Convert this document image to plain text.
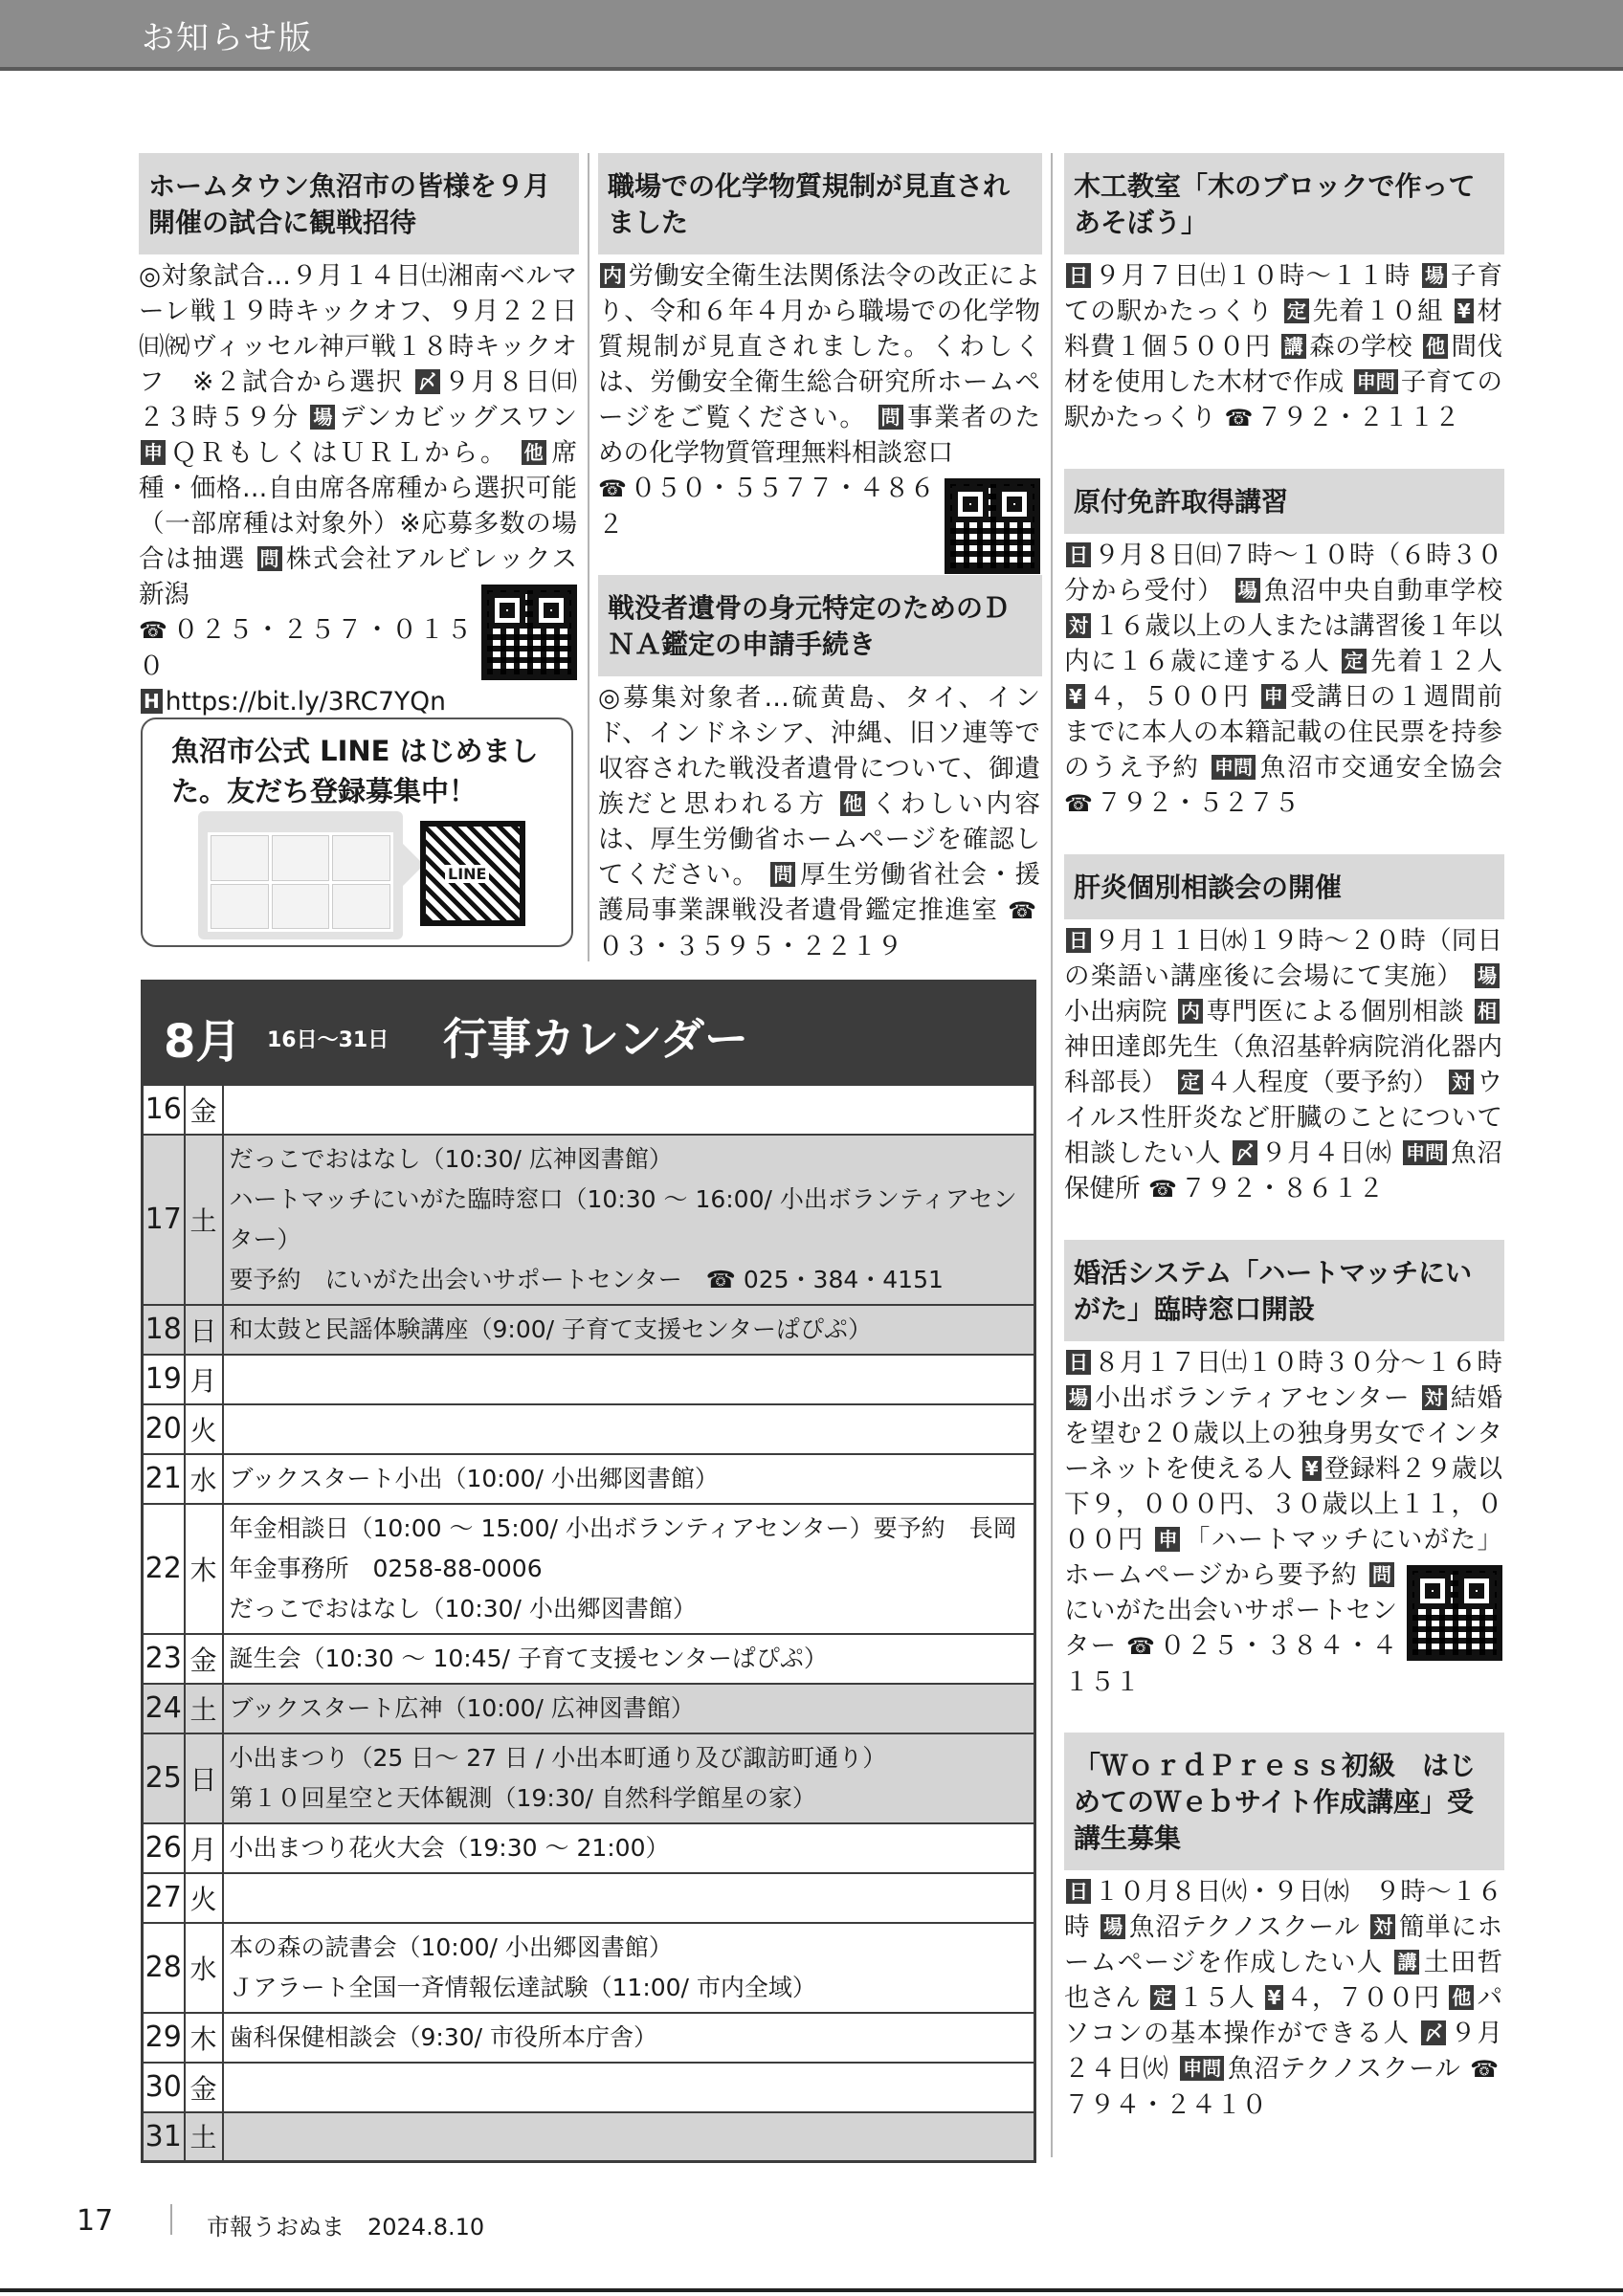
お知らせ版
ホームタウン魚沼市の皆様を９月開催の試合に観戦招待
◎対象試合…９月１４日㈯湘南ベルマーレ戦１９時キックオフ、９月２２日㈰㈷ヴィッセル神戸戦１８時キックオフ　※２試合から選択 〆 ９月８日㈰２３時５９分 場 デンカビッグスワン 申 ＱＲもしくはＵＲＬから。 他 席種・価格…自由席各席種から選択可能（一部席種は対象外）※応募多数の場合は抽選 問 株式会社アルビレックス新潟

☎ ０２５・２５７・０１５０
H https://bit.ly/3RC7YQn
魚沼市公式 LINE はじめました。友だち登録募集中！
LINE
職場での化学物質規制が見直されました
内 労働安全衛生法関係法令の改正により、令和６年４月から職場での化学物質規制が見直されました。くわしくは、労働安全衛生総合研究所ホームページをご覧ください。 問 事業者のための化学物質管理無料相談窓口

☎ ０５０・５５７７・４８６２
戦没者遺骨の身元特定のためのＤＮＡ鑑定の申請手続き
◎募集対象者…硫黄島、タイ、インド、インドネシア、沖縄、旧ソ連等で収容された戦没者遺骨について、御遺族だと思われる方 他 くわしい内容は、厚生労働省ホームページを確認してください。 問 厚生労働省社会・援護局事業課戦没者遺骨鑑定推進室 ☎０３・３５９５・２２１９
木工教室「木のブロックで作ってあそぼう」
日 ９月７日㈯１０時～１１時 場 子育ての駅かたっくり 定 先着１０組 ¥ 材料費１個５００円 講 森の学校 他 間伐材を使用した木材で作成 申問 子育ての駅かたっくり ☎ ７９２・２１１２
原付免許取得講習
日 ９月８日㈰７時～１０時（６時３０分から受付） 場 魚沼中央自動車学校 対 １６歳以上の人または講習後１年以内に１６歳に達する人 定 先着１２人 ¥ ４，５００円 申 受講日の１週間前までに本人の本籍記載の住民票を持参のうえ予約 申問 魚沼市交通安全協会 ☎ ７９２・５２７５
肝炎個別相談会の開催
日 ９月１１日㈬１９時～２０時（同日の楽語い講座後に会場にて実施） 場小出病院 内 専門医による個別相談 相神田達郎先生（魚沼基幹病院消化器内科部長） 定 ４人程度（要予約） 対 ウイルス性肝炎など肝臓のことについて相談したい人 〆 ９月４日㈬ 申問 魚沼保健所 ☎ ７９２・８６１２
婚活システム「ハートマッチにいがた」臨時窓口開設
日 ８月１７日㈯１０時３０分～１６時 場 小出ボランティアセンター 対 結婚を望む２０歳以上の独身男女でインターネットを使える人 ¥ 登録料２９歳以下９，０００円、３０歳以上１１，０００円 申 「ハートマッチにいがた」ホームページから要予約 問にいがた出会いサポートセンター ☎ ０２５・３８４・４１５１
「ＷｏｒｄＰｒｅｓｓ初級　はじめてのＷｅｂサイト作成講座」受講生募集
日 １０月８日㈫・９日㈬　９時～１６時 場 魚沼テクノスクール 対 簡単にホームページを作成したい人 講 土田哲也さん 定 １５人 ¥ ４，７００円 他 パソコンの基本操作ができる人 〆 ９月２４日㈫ 申問 魚沼テクノスクール ☎７９４・２４１０
8月 16日～31日 行事カレンダー
16	金	
17	土	だっこでおはなし（10:30/ 広神図書館）
ハートマッチにいがた臨時窓口（10:30 ～ 16:00/ 小出ボランティアセンター）
要予約　にいがた出会いサポートセンター　☎ 025・384・4151

18	日	和太鼓と民謡体験講座（9:00/ 子育て支援センターぱぴぷ）

19	月	
20	火	
21	水	ブックスタート小出（10:00/ 小出郷図書館）

22	木	年金相談日（10:00 ～ 15:00/ 小出ボランティアセンター）要予約　長岡年金事務所　0258-88-0006
だっこでおはなし（10:30/ 小出郷図書館）

23	金	誕生会（10:30 ～ 10:45/ 子育て支援センターぱぴぷ）

24	土	ブックスタート広神（10:00/ 広神図書館）

25	日	小出まつり（25 日～ 27 日 / 小出本町通り及び諏訪町通り）
第１０回星空と天体観測（19:30/ 自然科学館星の家）

26	月	小出まつり花火大会（19:30 ～ 21:00）

27	火	
28	水	本の森の読書会（10:00/ 小出郷図書館）
Ｊアラート全国一斉情報伝達試験（11:00/ 市内全域）

29	木	歯科保健相談会（9:30/ 市役所本庁舎）

30	金	
31	土	
17	市報うおぬま　2024.8.10
